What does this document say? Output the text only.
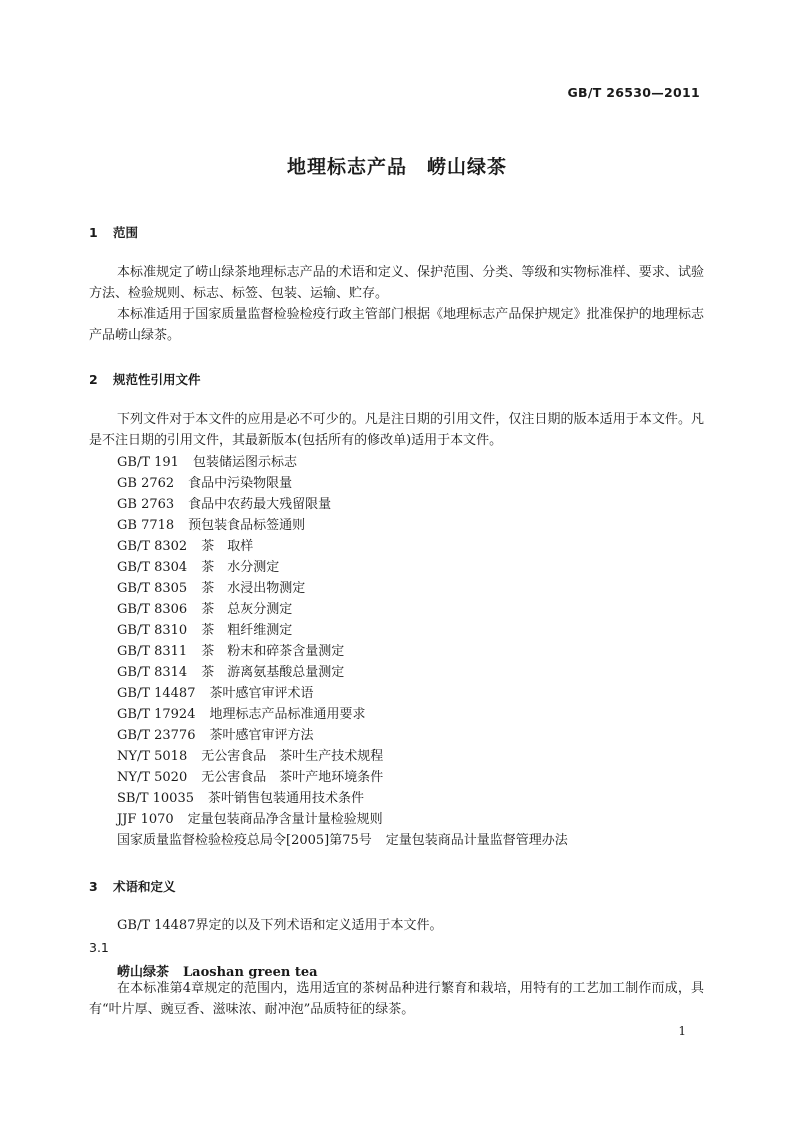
GB/T 26530—2011
地理标志产品　崂山绿茶
1 范围

本标准规定了崂山绿茶地理标志产品的术语和定义、保护范围、分类、等级和实物标准样、要求、试验方法、检验规则、标志、标签、包装、运输、贮存。

本标准适用于国家质量监督检验检疫行政主管部门根据《地理标志产品保护规定》批准保护的地理标志产品崂山绿茶。

2 规范性引用文件

下列文件对于本文件的应用是必不可少的。凡是注日期的引用文件，仅注日期的版本适用于本文件。凡是不注日期的引用文件，其最新版本(包括所有的修改单)适用于本文件。

GB/T 191 包装储运图示标志
GB 2762 食品中污染物限量
GB 2763 食品中农药最大残留限量
GB 7718 预包装食品标签通则
GB/T 8302 茶　取样
GB/T 8304 茶　水分测定
GB/T 8305 茶　水浸出物测定
GB/T 8306 茶　总灰分测定
GB/T 8310 茶　粗纤维测定
GB/T 8311 茶　粉末和碎茶含量测定
GB/T 8314 茶　游离氨基酸总量测定
GB/T 14487 茶叶感官审评术语
GB/T 17924 地理标志产品标准通用要求
GB/T 23776 茶叶感官审评方法
NY/T 5018 无公害食品　茶叶生产技术规程
NY/T 5020 无公害食品　茶叶产地环境条件
SB/T 10035 茶叶销售包装通用技术条件
JJF 1070 定量包装商品净含量计量检验规则
国家质量监督检验检疫总局令[2005]第75号 定量包装商品计量监督管理办法
3 术语和定义

GB/T 14487界定的以及下列术语和定义适用于本文件。

3.1
崂山绿茶 Laoshan green tea

在本标准第4章规定的范围内，选用适宜的茶树品种进行繁育和栽培，用特有的工艺加工制作而成，具有“叶片厚、豌豆香、滋味浓、耐冲泡”品质特征的绿茶。

1
